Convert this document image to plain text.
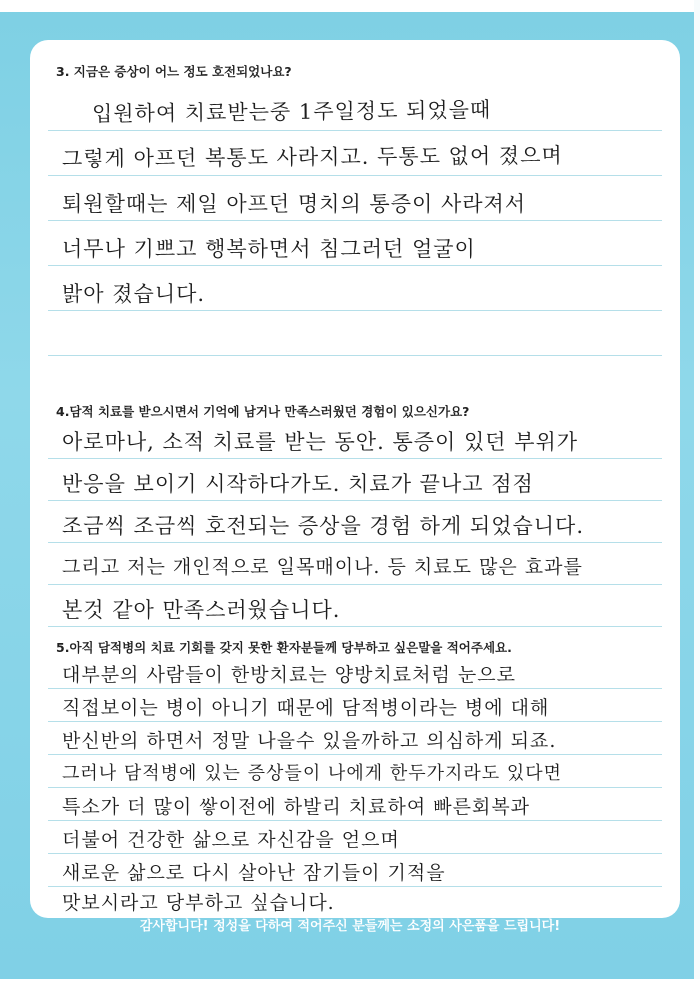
3. 지금은 증상이 어느 정도 호전되었나요?
입원하여 치료받는중 1주일정도 되었을때
그렇게 아프던 복통도 사라지고. 두통도 없어 졌으며
퇴원할때는 제일 아프던 명치의 통증이 사라져서
너무나 기쁘고 행복하면서 침그러던 얼굴이
밝아 졌습니다.
4.담적 치료를 받으시면서 기억에 남거나 만족스러웠던 경험이 있으신가요?
아로마나, 소적 치료를 받는 동안. 통증이 있던 부위가
반응을 보이기 시작하다가도. 치료가 끝나고 점점
조금씩 조금씩 호전되는 증상을 경험 하게 되었습니다.
그리고 저는 개인적으로 일목매이나. 등 치료도 많은 효과를
본것 같아 만족스러웠습니다.
5.아직 담적병의 치료 기회를 갖지 못한 환자분들께 당부하고 싶은말을 적어주세요.
대부분의 사람들이 한방치료는 양방치료처럼 눈으로
직접보이는 병이 아니기 때문에 담적병이라는 병에 대해
반신반의 하면서 정말 나을수 있을까하고 의심하게 되죠.
그러나 담적병에 있는 증상들이 나에게 한두가지라도 있다면
특소가 더 많이 쌓이전에 하발리 치료하여 빠른회복과
더불어 건강한 삶으로 자신감을 얻으며
새로운 삶으로 다시 살아난 잠기들이 기적을
맛보시라고 당부하고 싶습니다.
감사합니다! 정성을 다하여 적어주신 분들께는 소정의 사은품을 드립니다!
